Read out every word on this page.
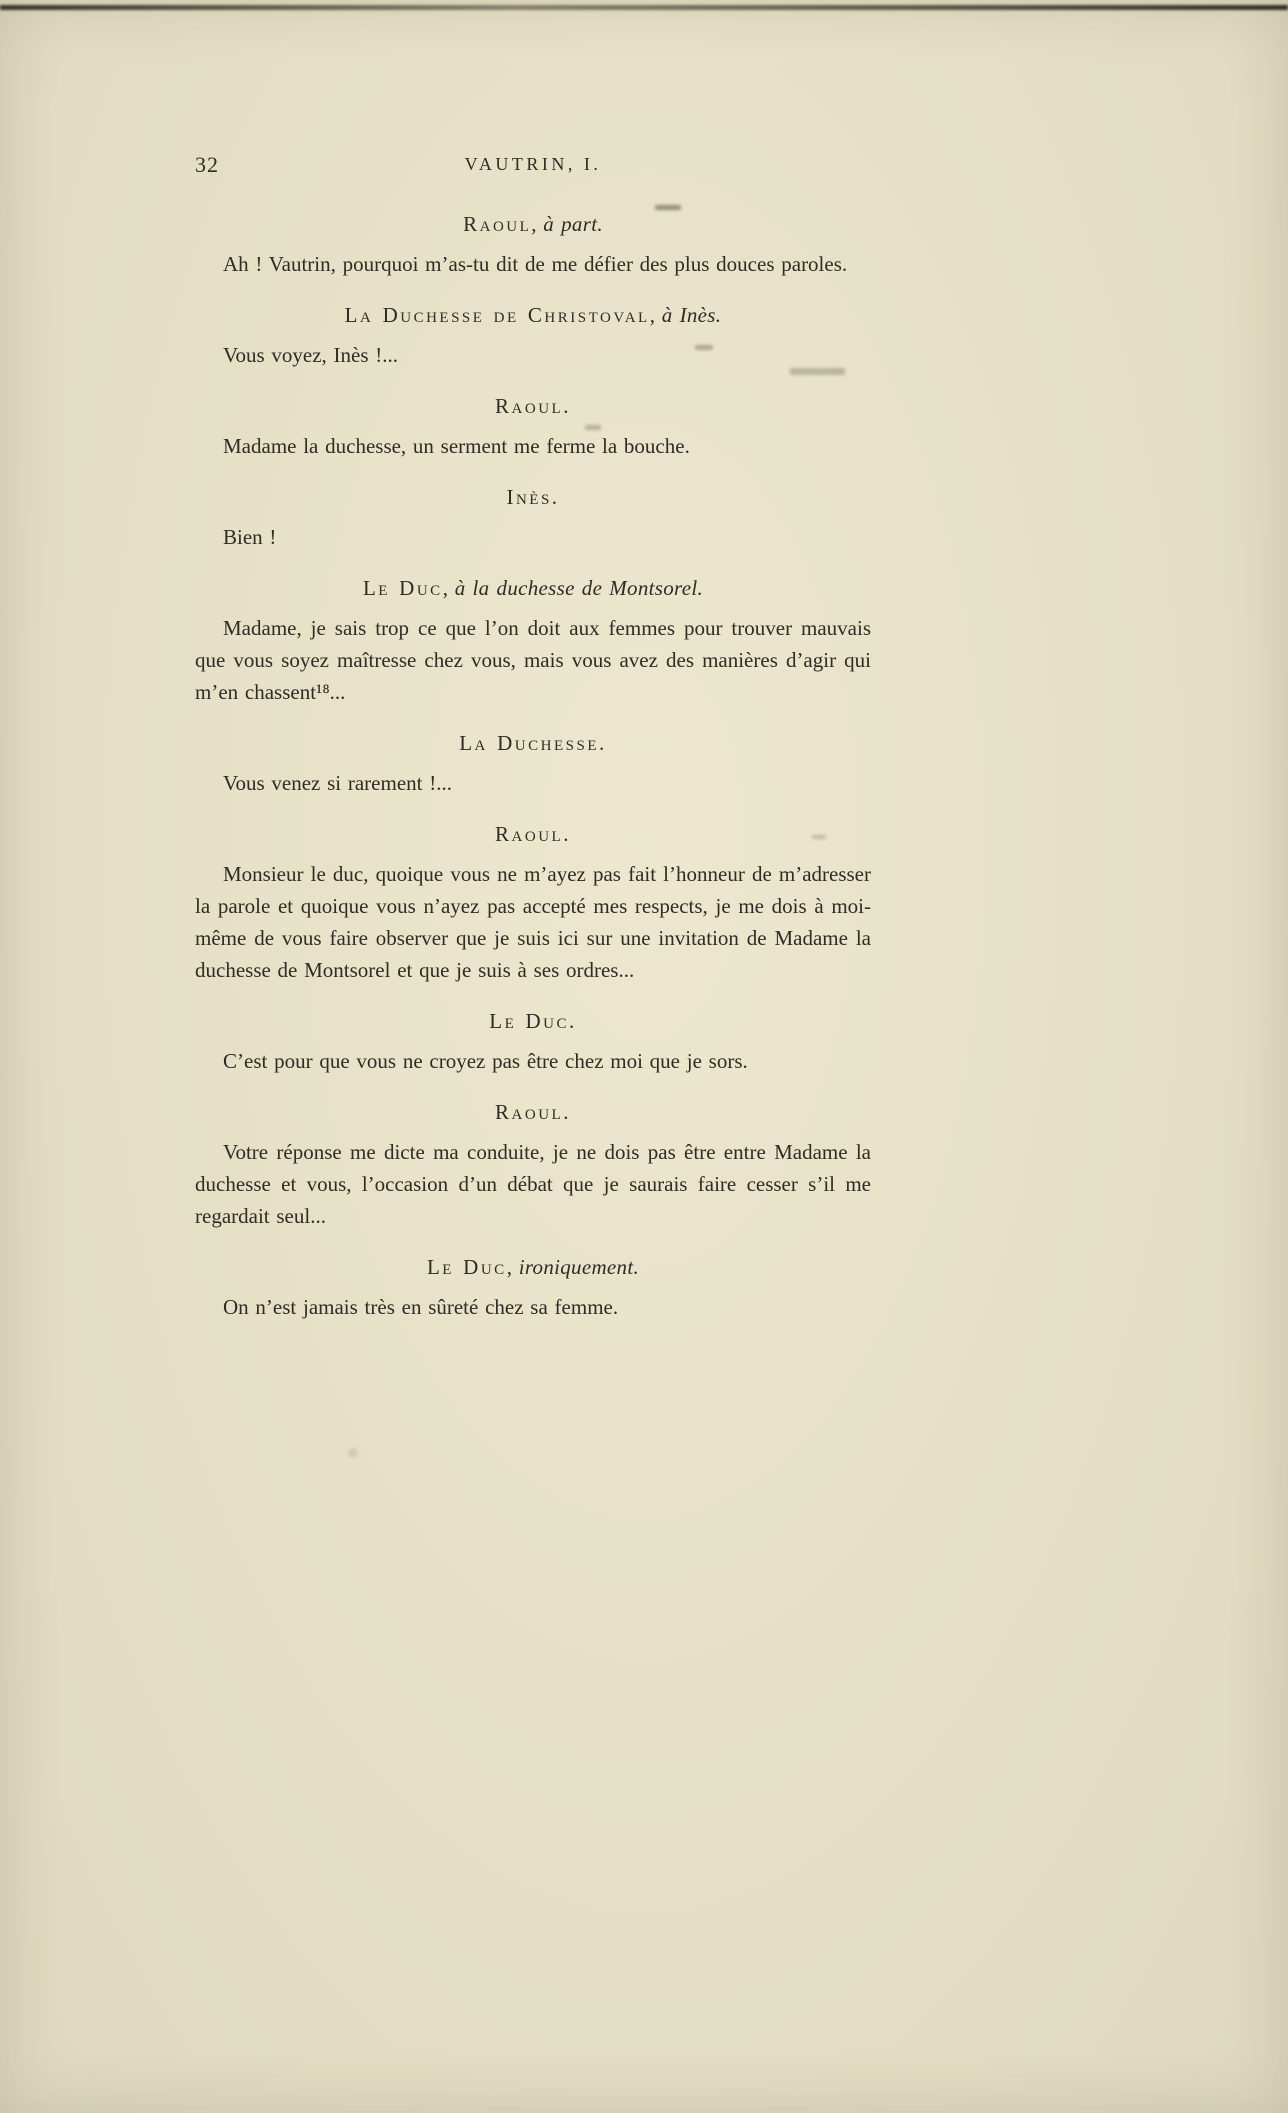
32	VAUTRIN, I.
Raoul, à part.

Ah ! Vautrin, pourquoi m’as-tu dit de me défier des plus douces paroles.

La Duchesse de Christoval, à Inès.

Vous voyez, Inès !...

Raoul.

Madame la duchesse, un serment me ferme la bouche.

Inès.

Bien !

Le Duc, à la duchesse de Montsorel.

Madame, je sais trop ce que l’on doit aux femmes pour trouver mauvais que vous soyez maîtresse chez vous, mais vous avez des manières d’agir qui m’en chassent¹⁸...

La Duchesse.

Vous venez si rarement !...

Raoul.

Monsieur le duc, quoique vous ne m’ayez pas fait l’honneur de m’adresser la parole et quoique vous n’ayez pas accepté mes respects, je me dois à moi-même de vous faire observer que je suis ici sur une invitation de Madame la duchesse de Montsorel et que je suis à ses ordres...

Le Duc.

C’est pour que vous ne croyez pas être chez moi que je sors.

Raoul.

Votre réponse me dicte ma conduite, je ne dois pas être entre Madame la duchesse et vous, l’occasion d’un débat que je saurais faire cesser s’il me regardait seul...

Le Duc, ironiquement.

On n’est jamais très en sûreté chez sa femme.
